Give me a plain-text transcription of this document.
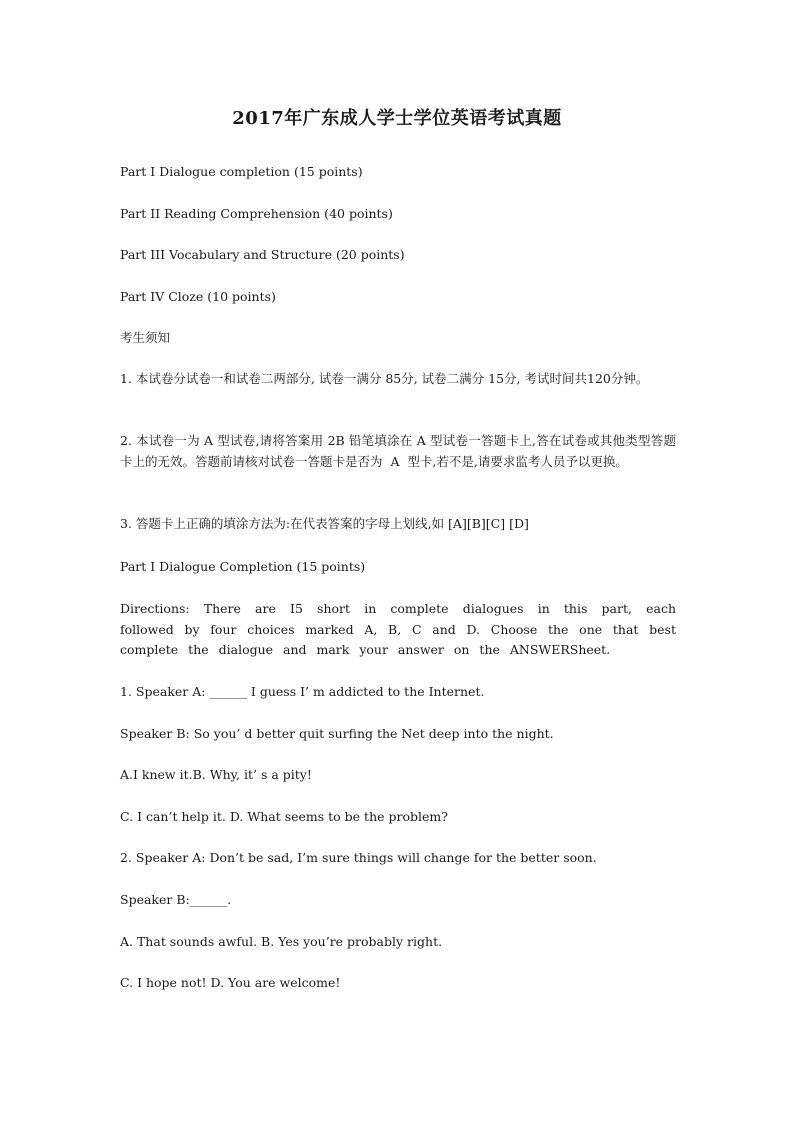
2017年广东成人学士学位英语考试真题

Part I Dialogue completion (15 points)

Part II Reading Comprehension (40 points)

Part III Vocabulary and Structure (20 points)

Part IV Cloze (10 points)

考生须知

1. 本试卷分试卷一和试卷二两部分, 试卷一满分 85分, 试卷二满分 15分, 考试时间共120分钟。

2. 本试卷一为 A 型试卷,请将答案用 2B 铅笔填涂在 A 型试卷一答题卡上,答在试卷或其他类型答题卡上的无效。答题前请核对试卷一答题卡是否为  A  型卡,若不是,请要求监考人员予以更换。

3. 答题卡上正确的填涂方法为:在代表答案的字母上划线,如 [A][B][C] [D]

Part I Dialogue Completion (15 points)

Directions: There are I5 short in complete dialogues in this part, each followed by four choices marked A, B, C and D. Choose the one that best complete the dialogue and mark your answer on the ANSWERSheet.

1. Speaker A: ______ I guess I’ m addicted to the Internet.

Speaker B: So you’ d better quit surfing the Net deep into the night.

A.I knew it.B. Why, it’ s a pity!

C. I can’t help it. D. What seems to be the problem?

2. Speaker A: Don’t be sad, I’m sure things will change for the better soon.

Speaker B:______.

A. That sounds awful. B. Yes you’re probably right.

C. I hope not! D. You are welcome!
